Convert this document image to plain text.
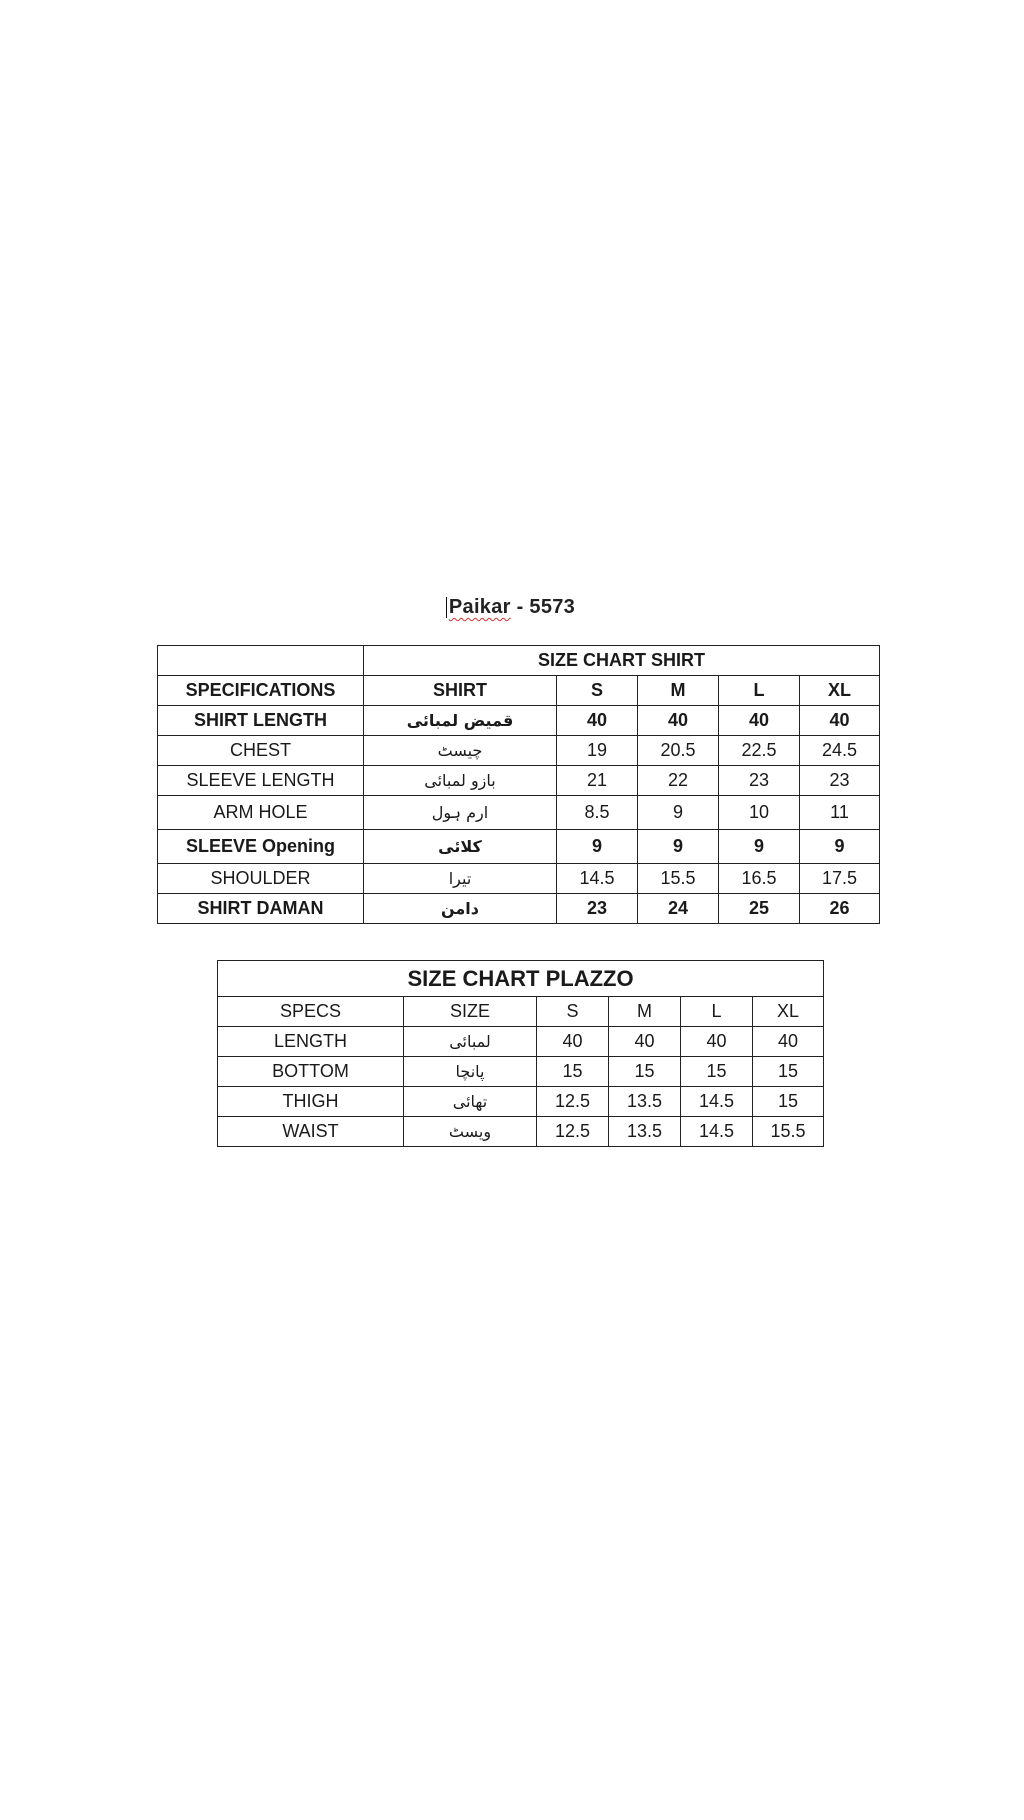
Paikar - 5573
	SIZE CHART SHIRT				
SPECIFICATIONS	SHIRT	S	M	L	XL
SHIRT LENGTH	قمیض لمبائی	40	40	40	40
CHEST	چیسٹ	19	20.5	22.5	24.5
SLEEVE LENGTH	بازو لمبائی	21	22	23	23
ARM HOLE	ارم ہول	8.5	9	10	11
SLEEVE Opening	کلائی	9	9	9	9
SHOULDER	تیرا	14.5	15.5	16.5	17.5
SHIRT DAMAN	دامن	23	24	25	26
SIZE CHART PLAZZO					
SPECS	SIZE	S	M	L	XL
LENGTH	لمبائی	40	40	40	40
BOTTOM	پانچا	15	15	15	15
THIGH	تھائی	12.5	13.5	14.5	15
WAIST	ویسٹ	12.5	13.5	14.5	15.5
